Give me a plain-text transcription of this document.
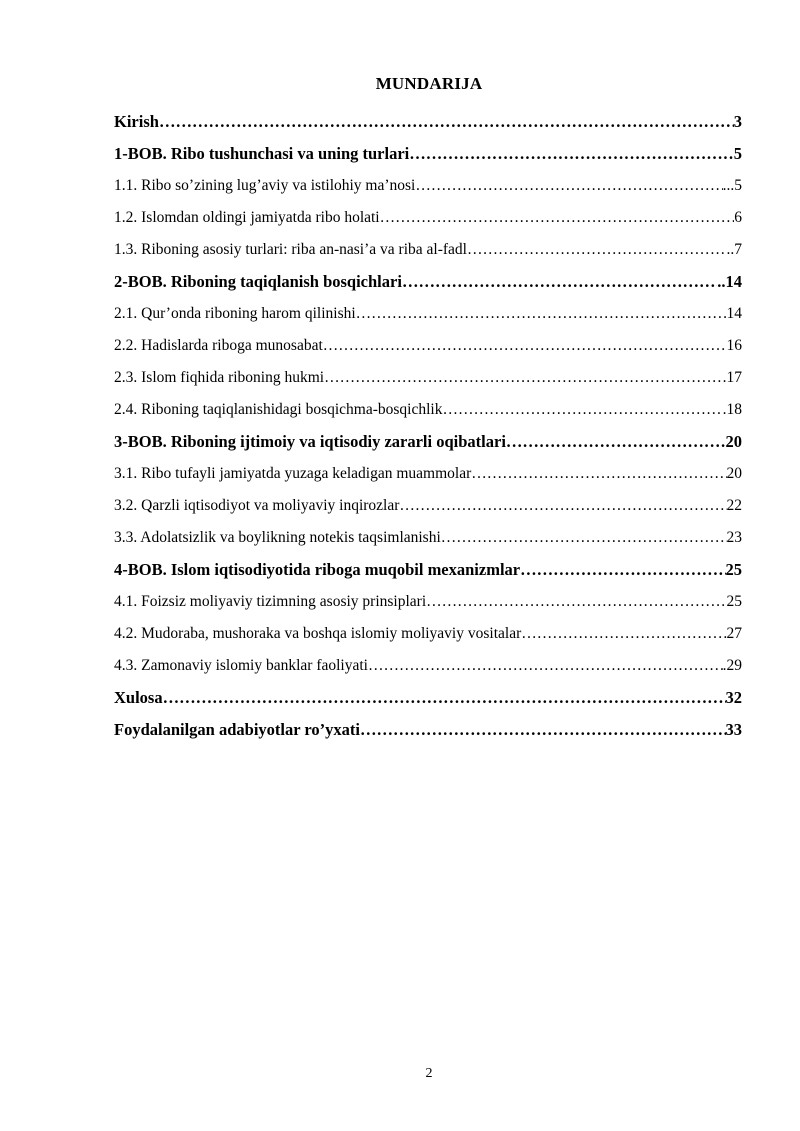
MUNDARIJA
Kirish ……………………………………………………………………………………………………………………………………………………………………	3
1-BOB. Ribo tushunchasi va uning turlari ……………………………………………………………………………………………………………………………………………………………………	5
1.1. Ribo so’zining lug’aviy va istilohiy ma’nosi ……………………………………………………………………………………………………………………………………………………………………	...5
1.2. Islomdan oldingi jamiyatda ribo holati ……………………………………………………………………………………………………………………………………………………………………	6
1.3. Riboning asosiy turlari: riba an-nasi’a va riba al-fadl ……………………………………………………………………………………………………………………………………………………………………	..7
2-BOB. Riboning taqiqlanish bosqichlari ……………………………………………………………………………………………………………………………………………………………………	..14
2.1. Qur’onda riboning harom qilinishi ……………………………………………………………………………………………………………………………………………………………………	14
2.2. Hadislarda riboga munosabat ……………………………………………………………………………………………………………………………………………………………………	16
2.3. Islom fiqhida riboning hukmi ……………………………………………………………………………………………………………………………………………………………………	17
2.4. Riboning taqiqlanishidagi bosqichma-bosqichlik ……………………………………………………………………………………………………………………………………………………………………	.18
3-BOB. Riboning ijtimoiy va iqtisodiy zararli oqibatlari ……………………………………………………………………………………………………………………………………………………………………	20
3.1. Ribo tufayli jamiyatda yuzaga keladigan muammolar ……………………………………………………………………………………………………………………………………………………………………	20
3.2. Qarzli iqtisodiyot va moliyaviy inqirozlar ……………………………………………………………………………………………………………………………………………………………………	22
3.3. Adolatsizlik va boylikning notekis taqsimlanishi ……………………………………………………………………………………………………………………………………………………………………	23
4-BOB. Islom iqtisodiyotida riboga muqobil mexanizmlar ……………………………………………………………………………………………………………………………………………………………………	25
4.1. Foizsiz moliyaviy tizimning asosiy prinsiplari ……………………………………………………………………………………………………………………………………………………………………	25
4.2. Mudoraba, mushoraka va boshqa islomiy moliyaviy vositalar ……………………………………………………………………………………………………………………………………………………………………	27
4.3. Zamonaviy islomiy banklar faoliyati ……………………………………………………………………………………………………………………………………………………………………	.29
Xulosa ……………………………………………………………………………………………………………………………………………………………………	32
Foydalanilgan adabiyotlar ro’yxati ……………………………………………………………………………………………………………………………………………………………………	33
2
